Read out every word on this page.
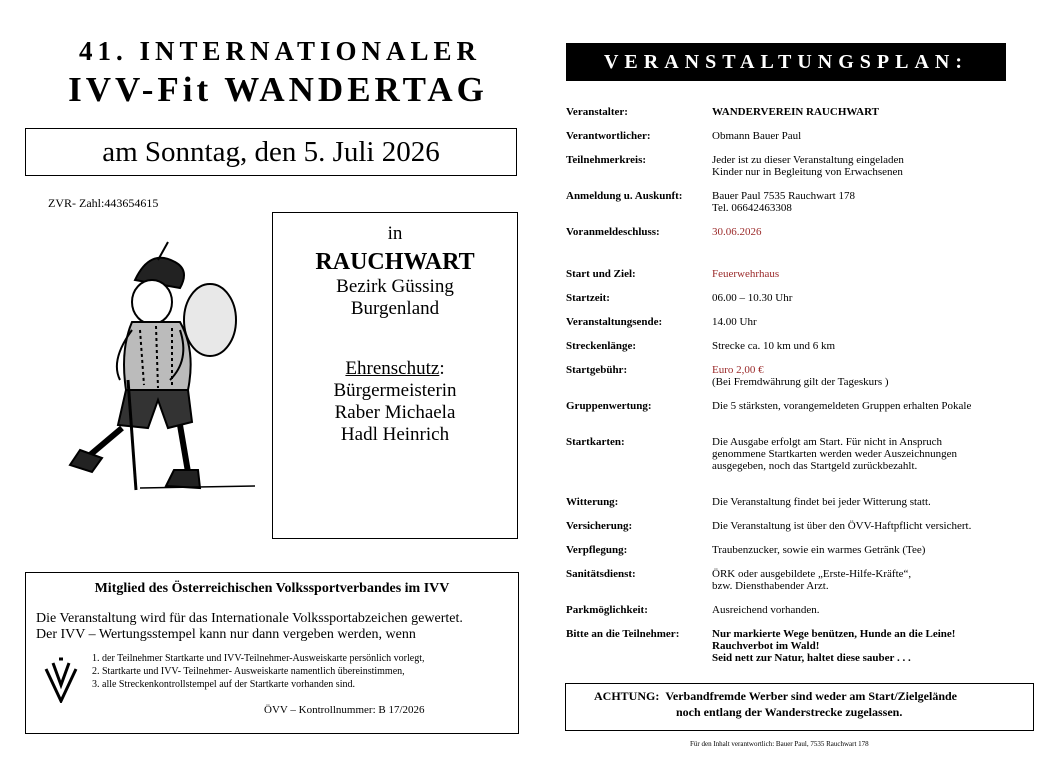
41. INTERNATIONALER
IVV-Fit WANDERTAG
am Sonntag, den 5. Juli 2026
ZVR- Zahl:443654615
in
RAUCHWART
Bezirk Güssing
Burgenland
Ehrenschutz:
Bürgermeisterin
Raber Michaela
Hadl Heinrich
Mitglied des Österreichischen Volkssportverbandes im IVV
Die Veranstaltung wird für das Internationale Volkssportabzeichen gewertet.
Der IVV – Wertungsstempel kann nur dann vergeben werden, wenn
1. der Teilnehmer Startkarte und IVV-Teilnehmer-Ausweiskarte persönlich vorlegt,
2. Startkarte und IVV- Teilnehmer- Ausweiskarte namentlich übereinstimmen,
3. alle Streckenkontrollstempel auf der Startkarte vorhanden sind.
ÖVV – Kontrollnummer: B 17/2026
VERANSTALTUNGSPLAN:
Veranstalter:	WANDERVEREIN RAUCHWART
Verantwortlicher:	Obmann Bauer Paul
Teilnehmerkreis:	Jeder ist zu dieser Veranstaltung eingeladen
Kinder nur in Begleitung von Erwachsenen
Anmeldung u. Auskunft:	Bauer Paul 7535 Rauchwart 178
Tel. 06642463308
Voranmeldeschluss:	30.06.2026
Start und Ziel:	Feuerwehrhaus
Startzeit:	06.00 – 10.30 Uhr
Veranstaltungsende:	14.00 Uhr
Streckenlänge:	Strecke ca. 10 km und 6 km
Startgebühr:	Euro 2,00 €
(Bei Fremdwährung gilt der Tageskurs )
Gruppenwertung:	Die 5 stärksten, vorangemeldeten Gruppen erhalten Pokale
Startkarten:	Die Ausgabe erfolgt am Start. Für nicht in Anspruch
genommene Startkarten werden weder Auszeichnungen
ausgegeben, noch das Startgeld zurückbezahlt.
Witterung:	Die Veranstaltung findet bei jeder Witterung statt.
Versicherung:	Die Veranstaltung ist über den ÖVV-Haftpflicht versichert.
Verpflegung:	Traubenzucker, sowie ein warmes Getränk (Tee)
Sanitätsdienst:	ÖRK oder ausgebildete „Erste-Hilfe-Kräfte“,
bzw. Diensthabender Arzt.
Parkmöglichkeit:	Ausreichend vorhanden.
Bitte an die Teilnehmer:	Nur markierte Wege benützen, Hunde an die Leine!
Rauchverbot im Wald!
Seid nett zur Natur, haltet diese sauber . . .
ACHTUNG: Verbandfremde Werber sind weder am Start/Zielgelände
noch entlang der Wanderstrecke zugelassen.
Für den Inhalt verantwortlich: Bauer Paul, 7535 Rauchwart 178
